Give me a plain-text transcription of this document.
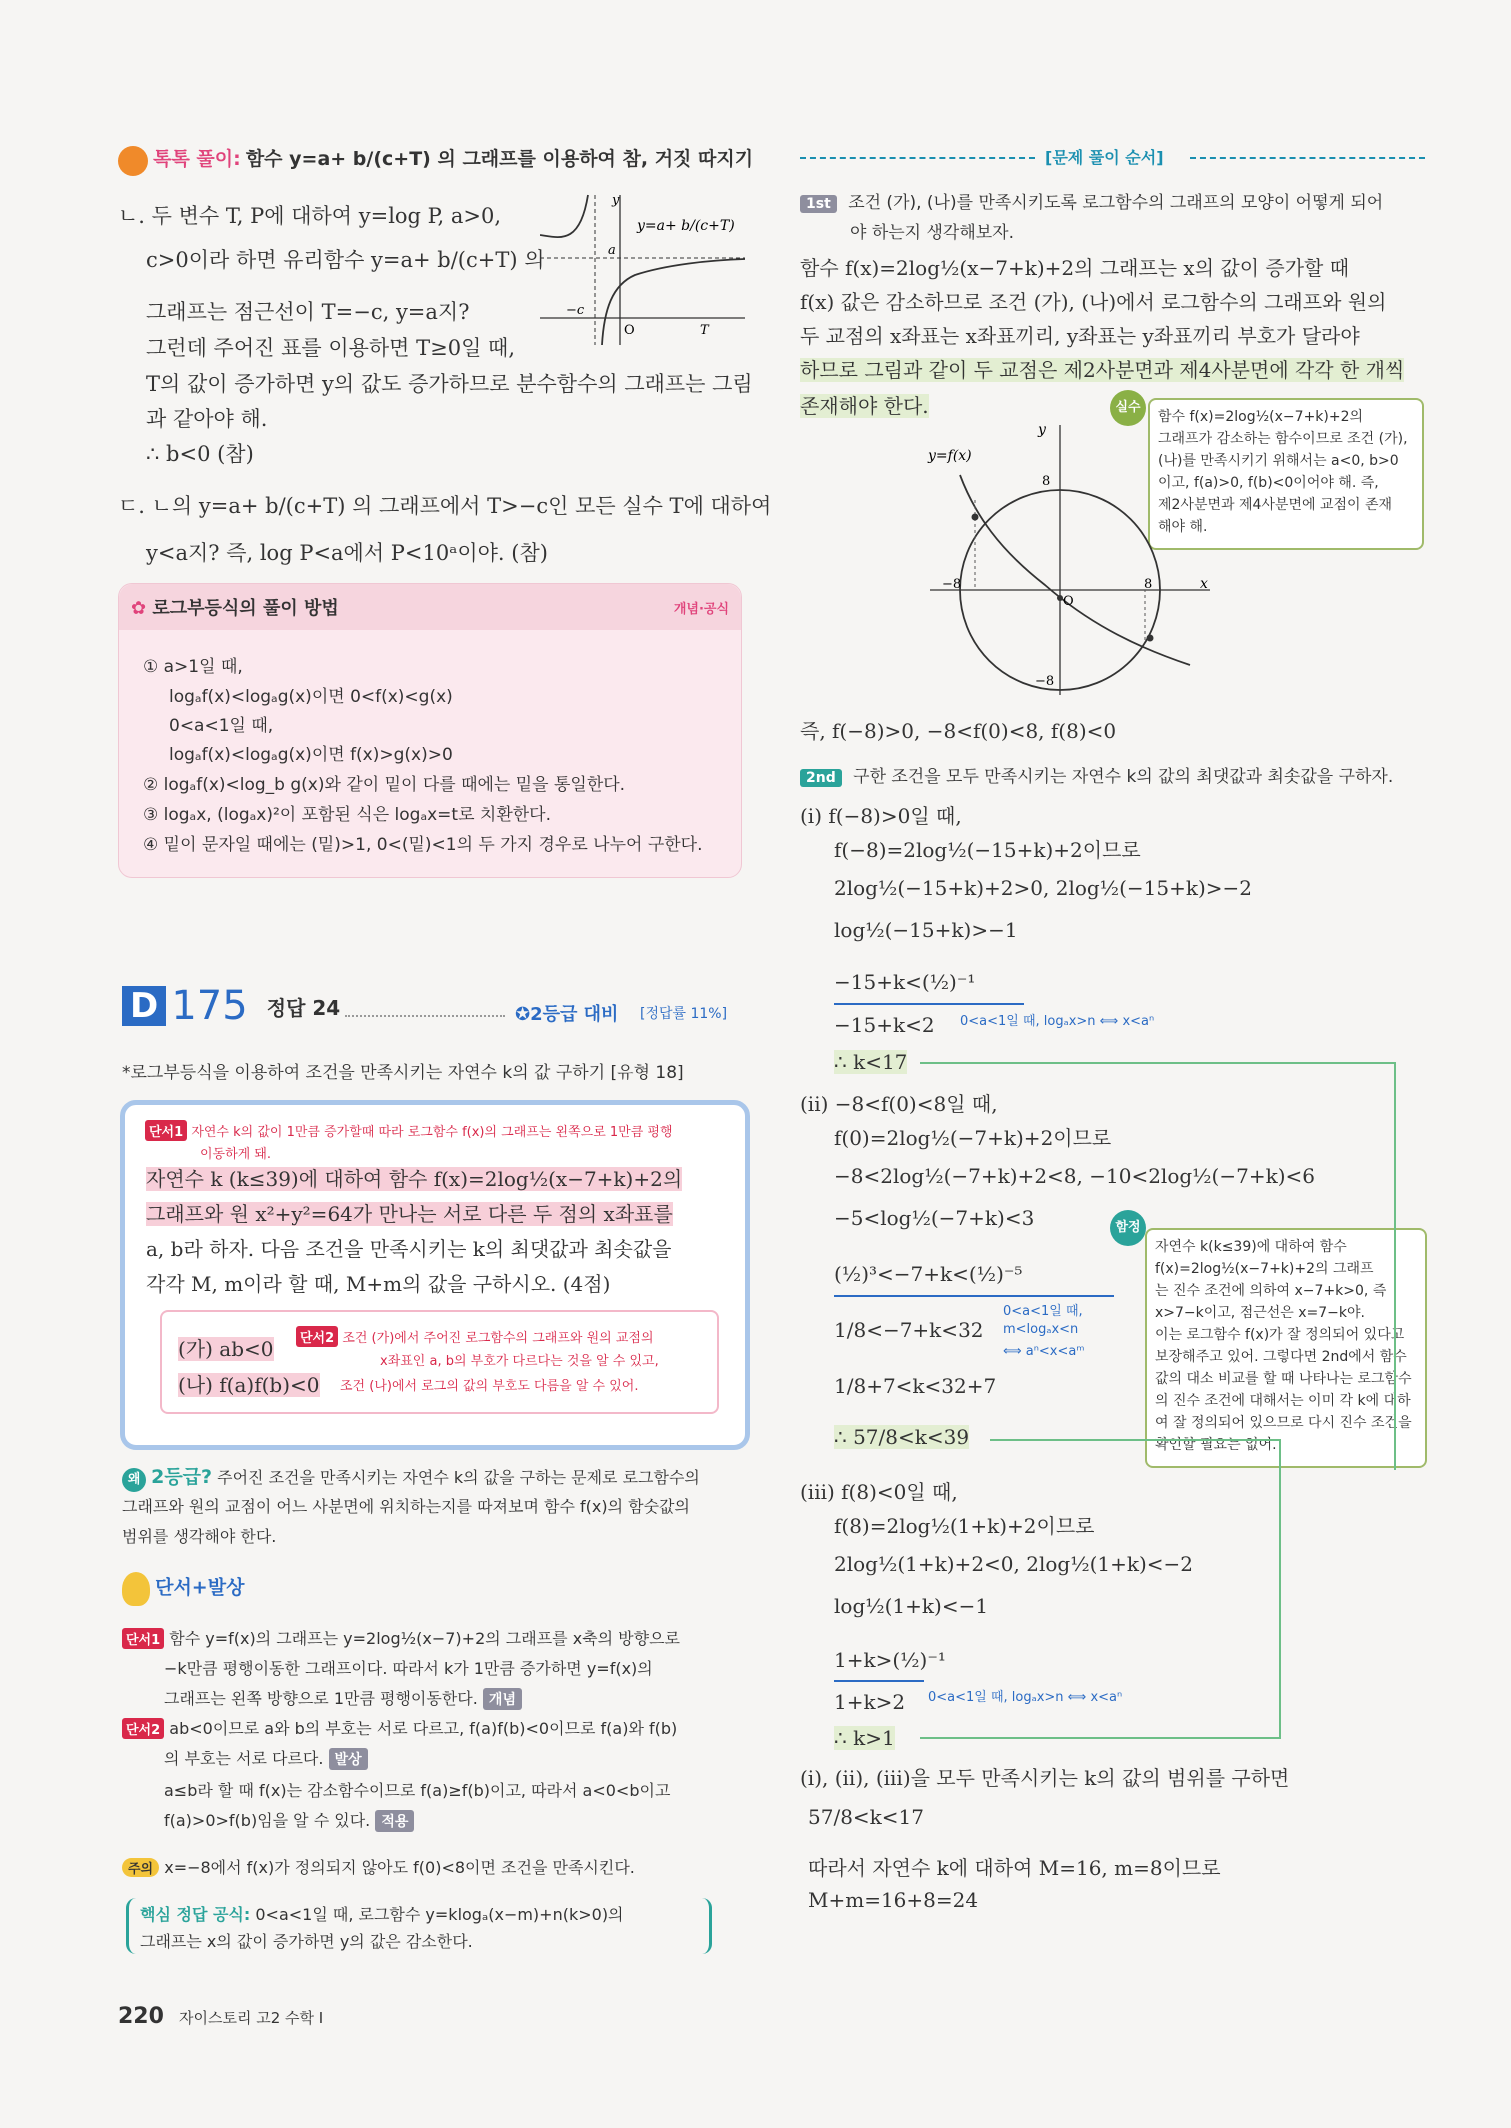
톡톡 풀이: 함수 y=a+ b/(c+T) 의 그래프를 이용하여 참, 거짓 따지기
ㄴ. 두 변수 T, P에 대하여 y=log P, a>0,
c>0이라 하면 유리함수 y=a+ b/(c+T) 의
그래프는 점근선이 T=−c, y=a지?
그런데 주어진 표를 이용하면 T≥0일 때,
T의 값이 증가하면 y의 값도 증가하므로 분수함수의 그래프는 그림
과 같아야 해.
∴ b<0 (참)
ㄷ. ㄴ의 y=a+ b/(c+T) 의 그래프에서 T>−c인 모든 실수 T에 대하여
y<a지? 즉, log P<a에서 P<10ᵃ이야. (참)
y
y=a+ b/(c+T)
a
−c
O	T
✿ 로그부등식의 풀이 방법	개념·공식
① a>1일 때,
logₐf(x)<logₐg(x)이면 0<f(x)<g(x)
0<a<1일 때,
logₐf(x)<logₐg(x)이면 f(x)>g(x)>0
② logₐf(x)<log_b g(x)와 같이 밑이 다를 때에는 밑을 통일한다.
③ logₐx, (logₐx)²이 포함된 식은 logₐx=t로 치환한다.
④ 밑이 문자일 때에는 (밑)>1, 0<(밑)<1의 두 가지 경우로 나누어 구한다.
D 175 정답 24	✪2등급 대비 [정답률 11%]
*로그부등식을 이용하여 조건을 만족시키는 자연수 k의 값 구하기 [유형 18]
단서1 자연수 k의 값이 1만큼 증가할때 따라 로그함수 f(x)의 그래프는 왼쪽으로 1만큼 평행
이동하게 돼.
자연수 k (k≤39)에 대하여 함수 f(x)=2log½(x−7+k)+2의
그래프와 원 x²+y²=64가 만나는 서로 다른 두 점의 x좌표를
a, b라 하자. 다음 조건을 만족시키는 k의 최댓값과 최솟값을
각각 M, m이라 할 때, M+m의 값을 구하시오. (4점)
(가) ab<0
(나) f(a)f(b)<0
단서2 조건 (가)에서 주어진 로그함수의 그래프와 원의 교점의
x좌표인 a, b의 부호가 다르다는 것을 알 수 있고,
조건 (나)에서 로그의 값의 부호도 다름을 알 수 있어.
왜 2등급? 주어진 조건을 만족시키는 자연수 k의 값을 구하는 문제로 로그함수의
그래프와 원의 교점이 어느 사분면에 위치하는지를 따져보며 함수 f(x)의 함숫값의
범위를 생각해야 한다.
단서+발상
단서1 함수 y=f(x)의 그래프는 y=2log½(x−7)+2의 그래프를 x축의 방향으로
−k만큼 평행이동한 그래프이다. 따라서 k가 1만큼 증가하면 y=f(x)의
그래프는 왼쪽 방향으로 1만큼 평행이동한다. 개념
단서2 ab<0이므로 a와 b의 부호는 서로 다르고, f(a)f(b)<0이므로 f(a)와 f(b)
의 부호는 서로 다르다. 발상
a≤b라 할 때 f(x)는 감소함수이므로 f(a)≥f(b)이고, 따라서 a<0<b이고
f(a)>0>f(b)임을 알 수 있다. 적용
주의 x=−8에서 f(x)가 정의되지 않아도 f(0)<8이면 조건을 만족시킨다.
핵심 정답 공식: 0<a<1일 때, 로그함수 y=klogₐ(x−m)+n(k>0)의
그래프는 x의 값이 증가하면 y의 값은 감소한다.
220 자이스토리 고2 수학 I
[문제 풀이 순서]
1st 조건 (가), (나)를 만족시키도록 로그함수의 그래프의 모양이 어떻게 되어
야 하는지 생각해보자.
함수 f(x)=2log½(x−7+k)+2의 그래프는 x의 값이 증가할 때
f(x) 값은 감소하므로 조건 (가), (나)에서 로그함수의 그래프와 원의
두 교점의 x좌표는 x좌표끼리, y좌표는 y좌표끼리 부호가 달라야
하므로 그림과 같이 두 교점은 제2사분면과 제4사분면에 각각 한 개씩
존재해야 한다.	함수 f(x)=2log½(x−7+k)+2의
그래프가 감소하는 함수이므로 조건 (가),
(나)를 만족시키기 위해서는 a<0, b>0
이고, f(a)>0, f(b)<0이어야 해. 즉,
제2사분면과 제4사분면에 교점이 존재
해야 해.
실수
y=f(x)
y
8
−8
O
8	x
−8
즉, f(−8)>0, −8<f(0)<8, f(8)<0
2nd 구한 조건을 모두 만족시키는 자연수 k의 값의 최댓값과 최솟값을 구하자.
(i) f(−8)>0일 때,
f(−8)=2log½(−15+k)+2이므로
2log½(−15+k)+2>0, 2log½(−15+k)>−2
log½(−15+k)>−1
−15+k<(½)⁻¹
−15+k<2 0<a<1일 때, logₐx>n ⟺ x<aⁿ
∴ k<17
(ii) −8<f(0)<8일 때,
f(0)=2log½(−7+k)+2이므로
−8<2log½(−7+k)+2<8, −10<2log½(−7+k)<6
−5<log½(−7+k)<3
(½)³<−7+k<(½)⁻⁵
1/8<−7+k<32
0<a<1일 때,
m<logₐx<n
⟺ aⁿ<x<aᵐ
1/8+7<k<32+7
∴ 57/8<k<39
자연수 k(k≤39)에 대하여 함수
f(x)=2log½(x−7+k)+2의 그래프
는 진수 조건에 의하여 x−7+k>0, 즉
x>7−k이고, 점근선은 x=7−k야.
이는 로그함수 f(x)가 잘 정의되어 있다고
보장해주고 있어. 그렇다면 2nd에서 함수
값의 대소 비교를 할 때 나타나는 로그함수
의 진수 조건에 대해서는 이미 각 k에 대하
여 잘 정의되어 있으므로 다시 진수 조건을
확인할 필요는 없어.
함정
(iii) f(8)<0일 때,
f(8)=2log½(1+k)+2이므로
2log½(1+k)+2<0, 2log½(1+k)<−2
log½(1+k)<−1
1+k>(½)⁻¹
1+k>2 0<a<1일 때, logₐx>n ⟺ x<aⁿ
∴ k>1
(i), (ii), (iii)을 모두 만족시키는 k의 값의 범위를 구하면
57/8<k<17
따라서 자연수 k에 대하여 M=16, m=8이므로
M+m=16+8=24
